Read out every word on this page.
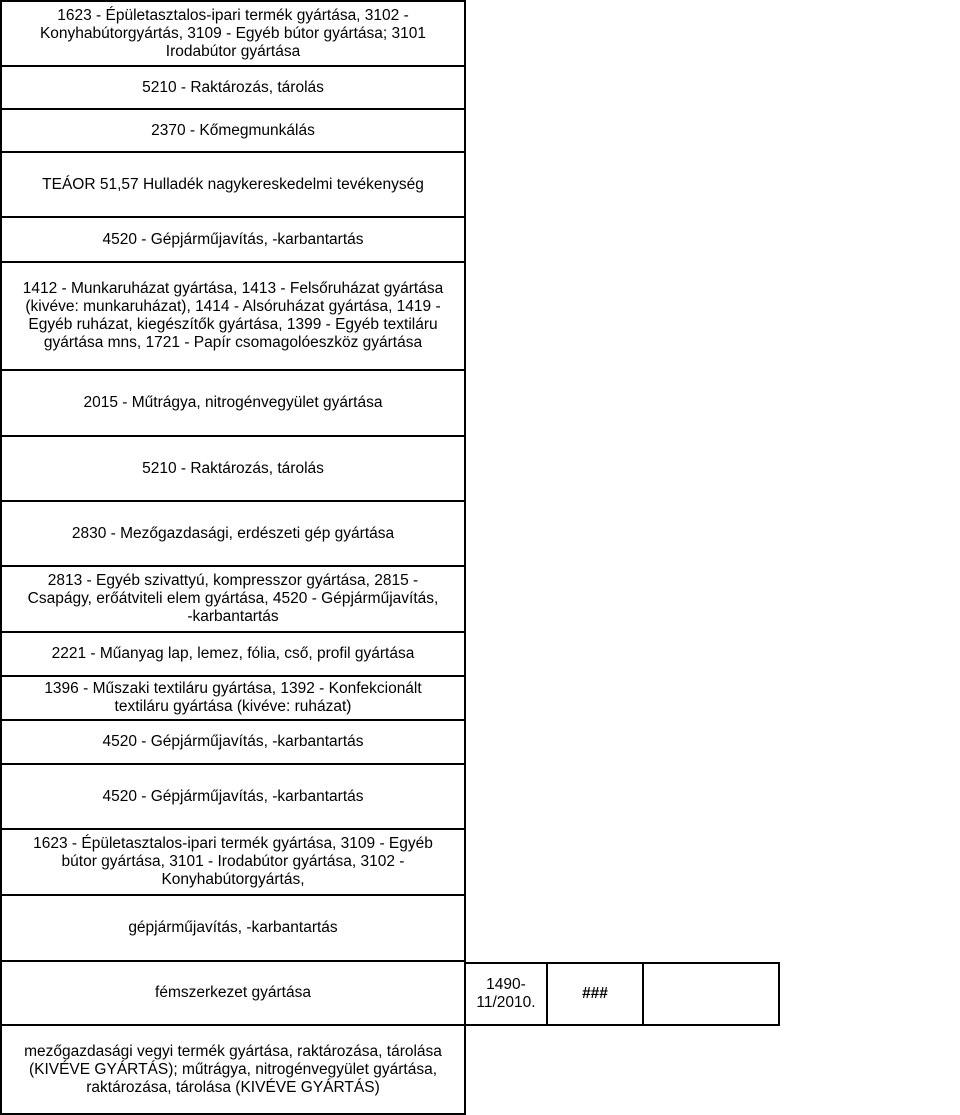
1623 - Épületasztalos-ipari termék gyártása, 3102 -
Konyhabútorgyártás, 3109 - Egyéb bútor gyártása; 3101
Irodabútor gyártása
5210 - Raktározás, tárolás
2370 - Kőmegmunkálás
TEÁOR 51,57 Hulladék nagykereskedelmi tevékenység
4520 - Gépjárműjavítás, -karbantartás
1412 - Munkaruházat gyártása, 1413 - Felsőruházat gyártása
(kivéve: munkaruházat), 1414 - Alsóruházat gyártása, 1419 -
Egyéb ruházat, kiegészítők gyártása, 1399 - Egyéb textiláru
gyártása mns, 1721 - Papír csomagolóeszköz gyártása
2015 - Műtrágya, nitrogénvegyület gyártása
5210 - Raktározás, tárolás
2830 - Mezőgazdasági, erdészeti gép gyártása
2813 - Egyéb szivattyú, kompresszor gyártása, 2815 -
Csapágy, erőátviteli elem gyártása, 4520 - Gépjárműjavítás,
-karbantartás
2221 - Műanyag lap, lemez, fólia, cső, profil gyártása
1396 - Műszaki textiláru gyártása, 1392 - Konfekcionált
textiláru gyártása (kivéve: ruházat)
4520 - Gépjárműjavítás, -karbantartás
4520 - Gépjárműjavítás, -karbantartás
1623 - Épületasztalos-ipari termék gyártása, 3109 - Egyéb
bútor gyártása, 3101 - Irodabútor gyártása, 3102 -
Konyhabútorgyártás,
gépjárműjavítás, -karbantartás
fémszerkezet gyártása
mezőgazdasági vegyi termék gyártása, raktározása, tárolása
(KIVÉVE GYÁRTÁS); műtrágya, nitrogénvegyület gyártása,
raktározása, tárolása (KIVÉVE GYÁRTÁS)
1490-
11/2010.
###
